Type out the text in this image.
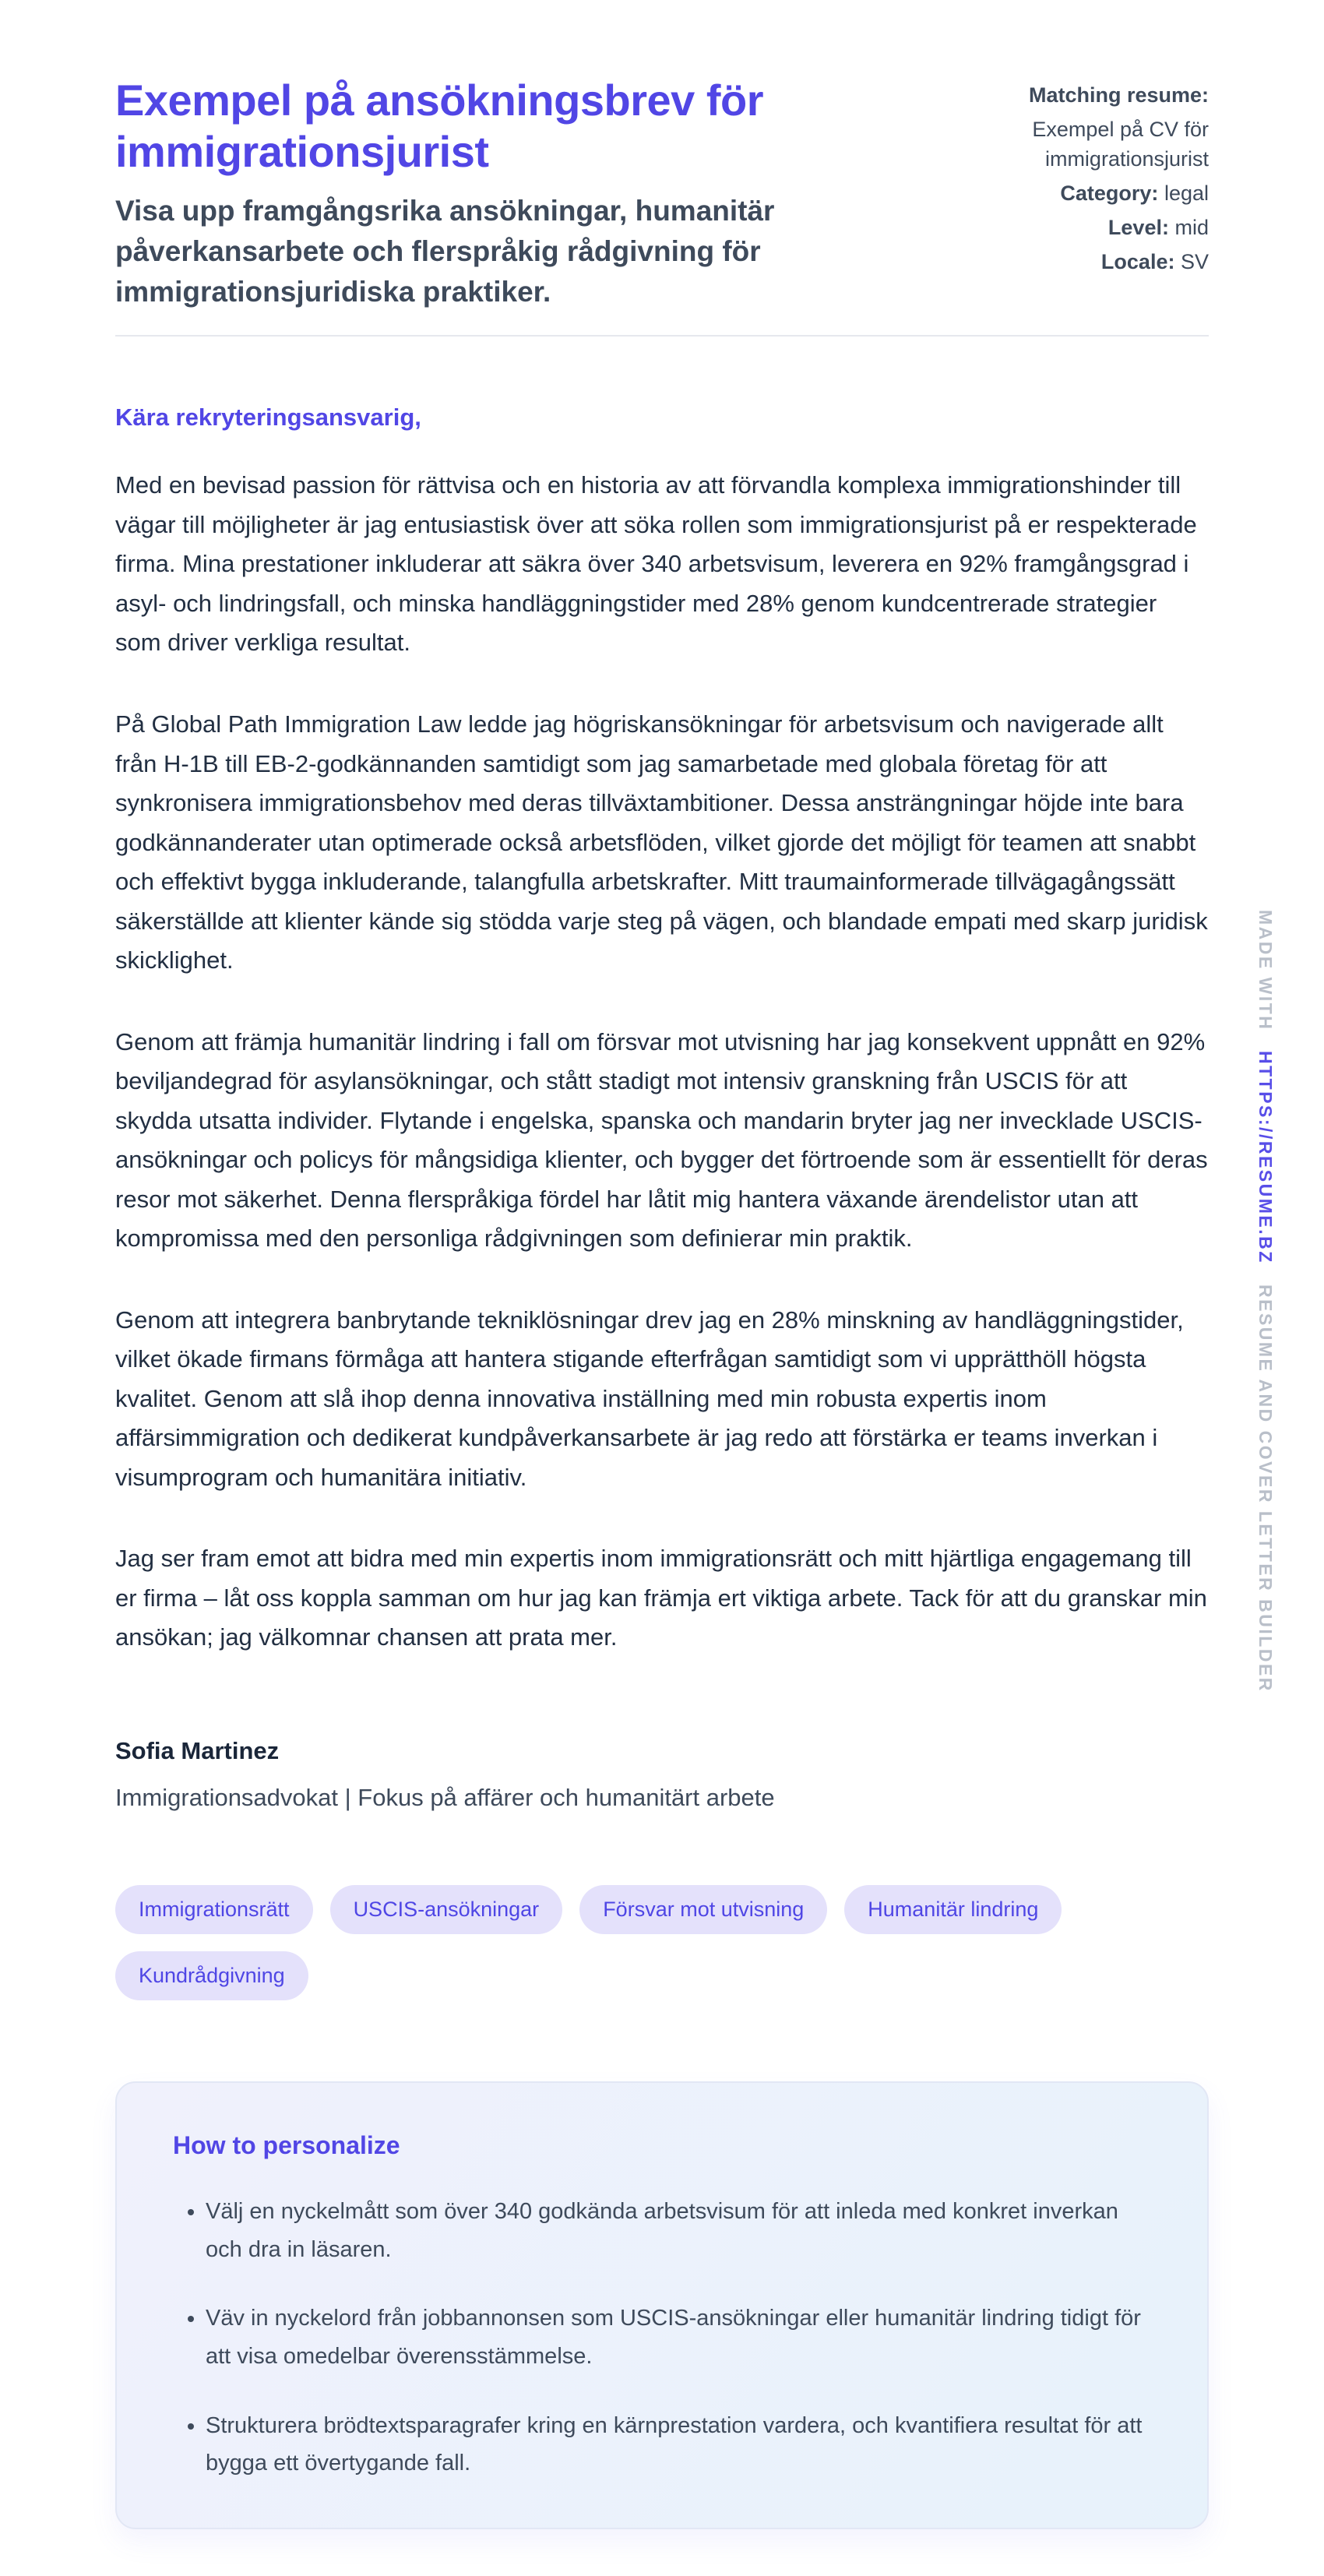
Exempel på ansökningsbrev för immigrationsjurist

Visa upp framgångsrika ansökningar, humanitär påverkansarbete och flerspråkig rådgivning för immigrationsjuridiska praktiker.

Matching resume:
Exempel på CV för immigrationsjurist
Category: legal
Level: mid
Locale: SV
Kära rekryteringsansvarig,

Med en bevisad passion för rättvisa och en historia av att förvandla komplexa immigrationshinder till vägar till möjligheter är jag entusiastisk över att söka rollen som immigrationsjurist på er respekterade firma. Mina prestationer inkluderar att säkra över 340 arbetsvisum, leverera en 92% framgångsgrad i asyl- och lindringsfall, och minska handläggningstider med 28% genom kundcentrerade strategier som driver verkliga resultat.

På Global Path Immigration Law ledde jag högriskansökningar för arbetsvisum och navigerade allt från H-1B till EB-2-godkännanden samtidigt som jag samarbetade med globala företag för att synkronisera immigrationsbehov med deras tillväxtambitioner. Dessa ansträngningar höjde inte bara godkännanderater utan optimerade också arbetsflöden, vilket gjorde det möjligt för teamen att snabbt och effektivt bygga inkluderande, talangfulla arbetskrafter. Mitt traumainformerade tillvägagångssätt säkerställde att klienter kände sig stödda varje steg på vägen, och blandade empati med skarp juridisk skicklighet.

Genom att främja humanitär lindring i fall om försvar mot utvisning har jag konsekvent uppnått en 92% beviljandegrad för asylansökningar, och stått stadigt mot intensiv granskning från USCIS för att skydda utsatta individer. Flytande i engelska, spanska och mandarin bryter jag ner invecklade USCIS-ansökningar och policys för mångsidiga klienter, och bygger det förtroende som är essentiellt för deras resor mot säkerhet. Denna flerspråkiga fördel har låtit mig hantera växande ärendelistor utan att kompromissa med den personliga rådgivningen som definierar min praktik.

Genom att integrera banbrytande tekniklösningar drev jag en 28% minskning av handläggningstider, vilket ökade firmans förmåga att hantera stigande efterfrågan samtidigt som vi upprätthöll högsta kvalitet. Genom att slå ihop denna innovativa inställning med min robusta expertis inom affärsimmigration och dedikerat kundpåverkansarbete är jag redo att förstärka er teams inverkan i visumprogram och humanitära initiativ.

Jag ser fram emot att bidra med min expertis inom immigrationsrätt och mitt hjärtliga engagemang till er firma – låt oss koppla samman om hur jag kan främja ert viktiga arbete. Tack för att du granskar min ansökan; jag välkomnar chansen att prata mer.

Sofia Martinez
Immigrationsadvokat | Fokus på affärer och humanitärt arbete
Immigrationsrätt	USCIS-ansökningar	Försvar mot utvisning	Humanitär lindring
Kundrådgivning
How to personalize
• Välj en nyckelmått som över 340 godkända arbetsvisum för att inleda med konkret inverkan och dra in läsaren.
• Väv in nyckelord från jobbannonsen som USCIS-ansökningar eller humanitär lindring tidigt för att visa omedelbar överensstämmelse.
• Strukturera brödtextsparagrafer kring en kärnprestation vardera, och kvantifiera resultat för att bygga ett övertygande fall.
MADE WITH
HTTPS://RESUME.BZ
RESUME AND COVER LETTER BUILDER
